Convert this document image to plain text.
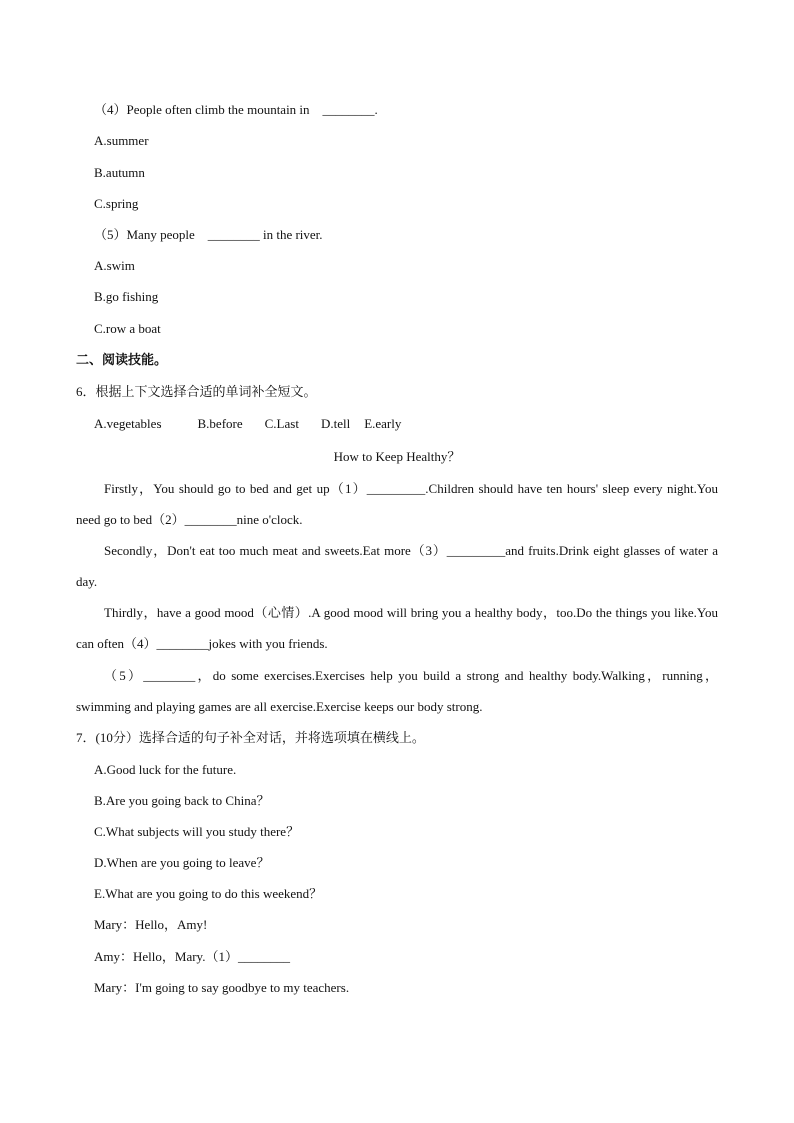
（4）People often climb the mountain in　________.
A.summer
B.autumn
C.spring
（5）Many people　________ in the river.
A.swim
B.go fishing
C.row a boat
二、阅读技能。
6．根据上下文选择合适的单词补全短文。
A.vegetables	B.before C.Last D.tell E.early
How to Keep Healthy？
Firstly，You should go to bed and get up（1）_________.Children should have ten hours' sleep every night.You need go to bed（2）________nine o'clock.
Secondly，Don't eat too much meat and sweets.Eat more（3）_________and fruits.Drink eight glasses of water a day.
Thirdly，have a good mood（心情）.A good mood will bring you a healthy body，too.Do the things you like.You can often（4）________jokes with you friends.
（5）________，do some exercises.Exercises help you build a strong and healthy body.Walking，running，swimming and playing games are all exercise.Exercise keeps our body strong.
7．(10分）选择合适的句子补全对话，并将选项填在横线上。
A.Good luck for the future.
B.Are you going back to China？
C.What subjects will you study there？
D.When are you going to leave？
E.What are you going to do this weekend？
Mary：Hello，Amy!
Amy：Hello，Mary.（1）________
Mary：I'm going to say goodbye to my teachers.
